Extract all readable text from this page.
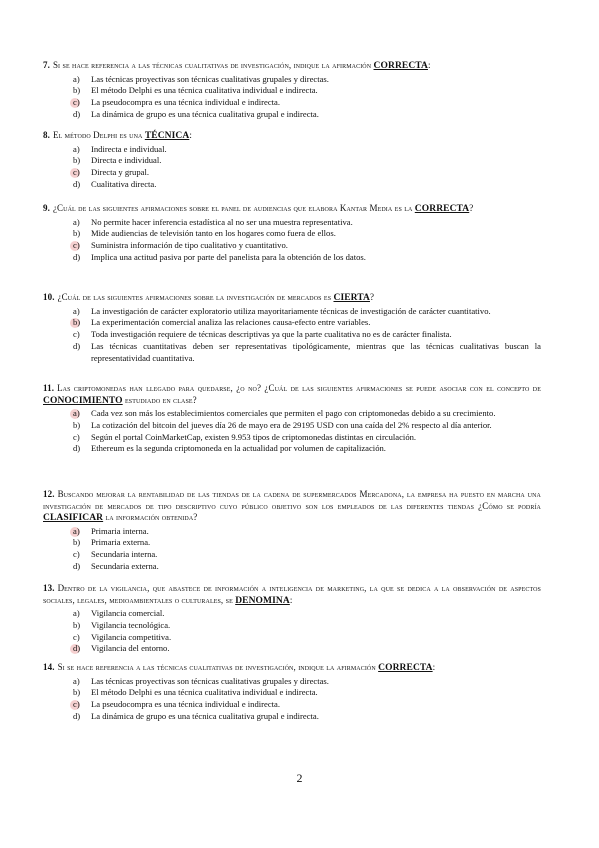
7. Si se hace referencia a las técnicas cualitativas de investigación, indique la afirmación CORRECTA:
a)	Las técnicas proyectivas son técnicas cualitativas grupales y directas.
b)	El método Delphi es una técnica cualitativa individual e indirecta.
c)	La pseudocompra es una técnica individual e indirecta.
d)	La dinámica de grupo es una técnica cualitativa grupal e indirecta.
8. El método Delphi es una TÉCNICA:
a)	Indirecta e individual.
b)	Directa e individual.
c)	Directa y grupal.
d)	Cualitativa directa.
9. ¿Cuál de las siguientes afirmaciones sobre el panel de audiencias que elabora Kantar Media es la CORRECTA?
a)	No permite hacer inferencia estadística al no ser una muestra representativa.
b)	Mide audiencias de televisión tanto en los hogares como fuera de ellos.
c)	Suministra información de tipo cualitativo y cuantitativo.
d)	Implica una actitud pasiva por parte del panelista para la obtención de los datos.
10. ¿Cuál de las siguientes afirmaciones sobre la investigación de mercados es CIERTA?
a)	La investigación de carácter exploratorio utiliza mayoritariamente técnicas de investigación de carácter cuantitativo.
b)	La experimentación comercial analiza las relaciones causa-efecto entre variables.
c)	Toda investigación requiere de técnicas descriptivas ya que la parte cualitativa no es de carácter finalista.
d)	Las técnicas cuantitativas deben ser representativas tipológicamente, mientras que las técnicas cualitativas buscan la representatividad cuantitativa.
11. Las criptomonedas han llegado para quedarse, ¿o no? ¿Cuál de las siguientes afirmaciones se puede asociar con el concepto de CONOCIMIENTO estudiado en clase?
a)	Cada vez son más los establecimientos comerciales que permiten el pago con criptomonedas debido a su crecimiento.
b)	La cotización del bitcoin del jueves día 26 de mayo era de 29195 USD con una caída del 2% respecto al día anterior.
c)	Según el portal CoinMarketCap, existen 9.953 tipos de criptomonedas distintas en circulación.
d)	Ethereum es la segunda criptomoneda en la actualidad por volumen de capitalización.
12. Buscando mejorar la rentabilidad de las tiendas de la cadena de supermercados Mercadona, la empresa ha puesto en marcha una investigación de mercados de tipo descriptivo cuyo público objetivo son los empleados de las diferentes tiendas ¿Cómo se podría CLASIFICAR la información obtenida?
a)	Primaria interna.
b)	Primaria externa.
c)	Secundaria interna.
d)	Secundaria externa.
13. Dentro de la vigilancia, que abastece de información a inteligencia de marketing, la que se dedica a la observación de aspectos sociales, legales, medioambientales o culturales, se DENOMINA:
a)	Vigilancia comercial.
b)	Vigilancia tecnológica.
c)	Vigilancia competitiva.
d)	Vigilancia del entorno.
14. Si se hace referencia a las técnicas cualitativas de investigación, indique la afirmación CORRECTA:
a)	Las técnicas proyectivas son técnicas cualitativas grupales y directas.
b)	El método Delphi es una técnica cualitativa individual e indirecta.
c)	La pseudocompra es una técnica individual e indirecta.
d)	La dinámica de grupo es una técnica cualitativa grupal e indirecta.
2
